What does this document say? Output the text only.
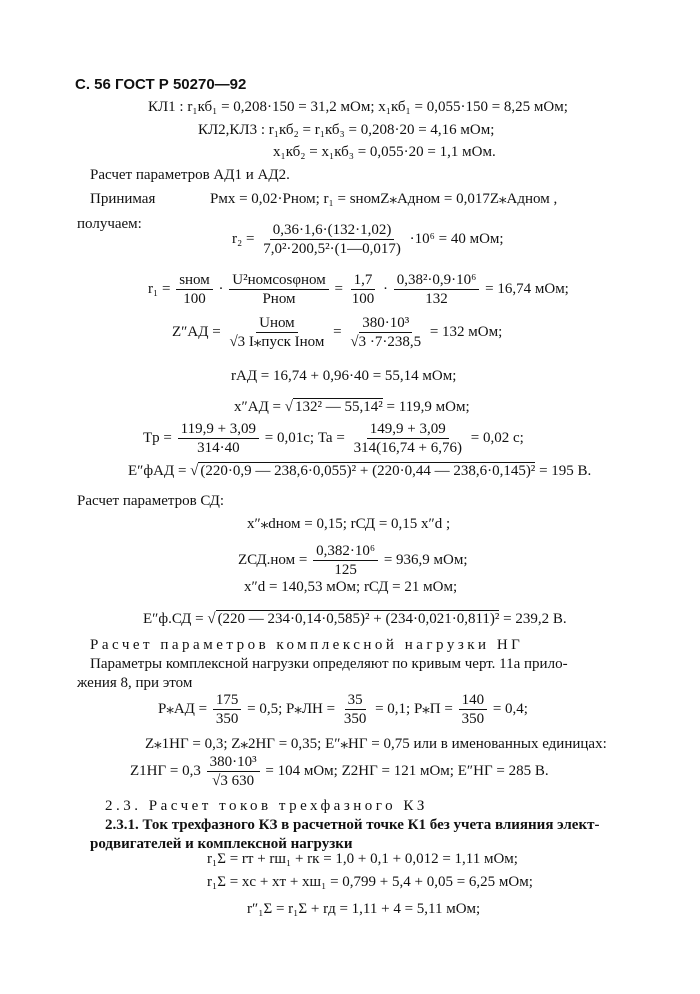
С. 56 ГОСТ Р 50270—92
КЛ1 : r₁кб₁ = 0,208·150 = 31,2 мОм; x₁кб₁ = 0,055·150 = 8,25 мОм;
КЛ2,КЛ3 : r₁кб₂ = r₁кб₃ = 0,208·20 = 4,16 мОм;
x₁кб₂ = x₁кб₃ = 0,055·20 = 1,1 мОм.
Расчет параметров АД1 и АД2.
Принимая	Pмх = 0,02·Pном; r₁ = sномZ⁎Aдном = 0,017Z⁎Aдном ,
получаем:
$r_2 = \frac{0,36\cdot 1,6\cdot(132\cdot 1,02)}{\text{7,0²·200,5²·(1—0,017)}} \cdot 10^6 = 40$ мОм;
$r_1 = \frac{\text{sном}}{100} \cdot \frac{\text{U²номcosφном}}{\text{Pном}} = \frac{1,7}{100} \cdot \frac{\text{0,38²·0,9·10⁶}}{132} = 16,74$ мОм;
$Z''АД = \frac{\text{Uном}}{\text{√3 I⁎пуск Iном}} = \frac{\text{380·10³}}{√3 \cdot 7\cdot 238,5} = 132$ мОм;
rАД = 16,74 + 0,96·40 = 55,14 мОм;
x″АД = √ 132² — 55,14² = 119,9 мОм;
Tр = $\frac{119,9 + 3,09}{314\cdot 40} = 0,01с$; $Ta = \frac{149,9 + 3,09}{314(16,74 + 6,76)} = 0,02$ с;
E″фАД = √ (220·0,9 — 238,6·0,055)² + (220·0,44 — 238,6·0,145)² = 195 В.
Расчет параметров СД:
x″⁎dном = 0,15; rСД = 0,15 x″d ;
$ZСД.ном = \frac{\text{0,382·10⁶}}{125} = 936,9$ мОм;
x″d = 140,53 мОм; rСД = 21 мОм;
E″ф.СД = √ (220 — 234·0,14·0,585)² + (234·0,021·0,811)² = 239,2 В.
Расчет параметров комплексной нагрузки НГ
Параметры комплексной нагрузки определяют по кривым черт. 11а прило-
жения 8, при этом
P⁎АД = $\frac{175}{350} = 0,5$; P⁎ЛН = $\frac{35}{350} = 0,1$; P⁎П = $\frac{140}{350} = 0,4$;
Z⁎1НГ = 0,3; Z⁎2НГ = 0,35; E″⁎НГ = 0,75 или в именованных единицах:
$Z1НГ = 0,3 \frac{\text{380·10³}}{√3 630} = 104$ мОм; Z2НГ = 121 мОм; E″НГ = 285 В.
2.3. Расчет токов трехфазного КЗ
2.3.1. Ток трехфазного КЗ в расчетной точке К1 без учета влияния элект-
родвигателей и комплексной нагрузки
r₁Σ = rт + rш₁ + rк = 1,0 + 0,1 + 0,012 = 1,11 мОм;
r₁Σ = xс + xт + xш₁ = 0,799 + 5,4 + 0,05 = 6,25 мОм;
r″₁Σ = r₁Σ + rд = 1,11 + 4 = 5,11 мОм;
